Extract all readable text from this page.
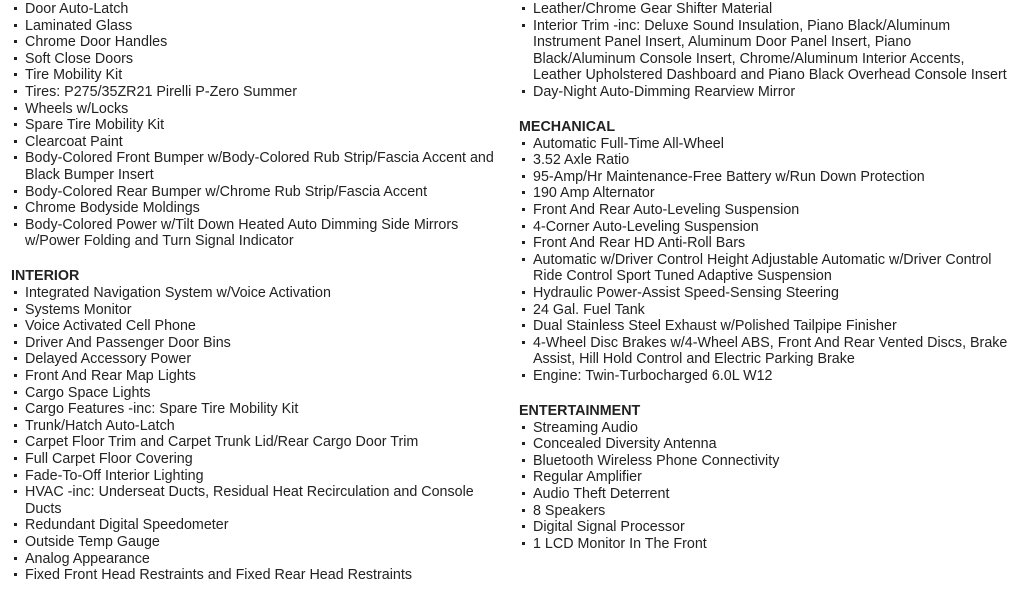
Door Auto-Latch
Laminated Glass
Chrome Door Handles
Soft Close Doors
Tire Mobility Kit
Tires: P275/35ZR21 Pirelli P-Zero Summer
Wheels w/Locks
Spare Tire Mobility Kit
Clearcoat Paint
Body-Colored Front Bumper w/Body-Colored Rub Strip/Fascia Accent and Black Bumper Insert
Body-Colored Rear Bumper w/Chrome Rub Strip/Fascia Accent
Chrome Bodyside Moldings
Body-Colored Power w/Tilt Down Heated Auto Dimming Side Mirrors w/Power Folding and Turn Signal Indicator
INTERIOR
Integrated Navigation System w/Voice Activation
Systems Monitor
Voice Activated Cell Phone
Driver And Passenger Door Bins
Delayed Accessory Power
Front And Rear Map Lights
Cargo Space Lights
Cargo Features -inc: Spare Tire Mobility Kit
Trunk/Hatch Auto-Latch
Carpet Floor Trim and Carpet Trunk Lid/Rear Cargo Door Trim
Full Carpet Floor Covering
Fade-To-Off Interior Lighting
HVAC -inc: Underseat Ducts, Residual Heat Recirculation and Console Ducts
Redundant Digital Speedometer
Outside Temp Gauge
Analog Appearance
Fixed Front Head Restraints and Fixed Rear Head Restraints
Leather/Chrome Gear Shifter Material
Interior Trim -inc: Deluxe Sound Insulation, Piano Black/Aluminum Instrument Panel Insert, Aluminum Door Panel Insert, Piano Black/Aluminum Console Insert, Chrome/Aluminum Interior Accents, Leather Upholstered Dashboard and Piano Black Overhead Console Insert
Day-Night Auto-Dimming Rearview Mirror
MECHANICAL
Automatic Full-Time All-Wheel
3.52 Axle Ratio
95-Amp/Hr Maintenance-Free Battery w/Run Down Protection
190 Amp Alternator
Front And Rear Auto-Leveling Suspension
4-Corner Auto-Leveling Suspension
Front And Rear HD Anti-Roll Bars
Automatic w/Driver Control Height Adjustable Automatic w/Driver Control Ride Control Sport Tuned Adaptive Suspension
Hydraulic Power-Assist Speed-Sensing Steering
24 Gal. Fuel Tank
Dual Stainless Steel Exhaust w/Polished Tailpipe Finisher
4-Wheel Disc Brakes w/4-Wheel ABS, Front And Rear Vented Discs, Brake Assist, Hill Hold Control and Electric Parking Brake
Engine: Twin-Turbocharged 6.0L W12
ENTERTAINMENT
Streaming Audio
Concealed Diversity Antenna
Bluetooth Wireless Phone Connectivity
Regular Amplifier
Audio Theft Deterrent
8 Speakers
Digital Signal Processor
1 LCD Monitor In The Front
